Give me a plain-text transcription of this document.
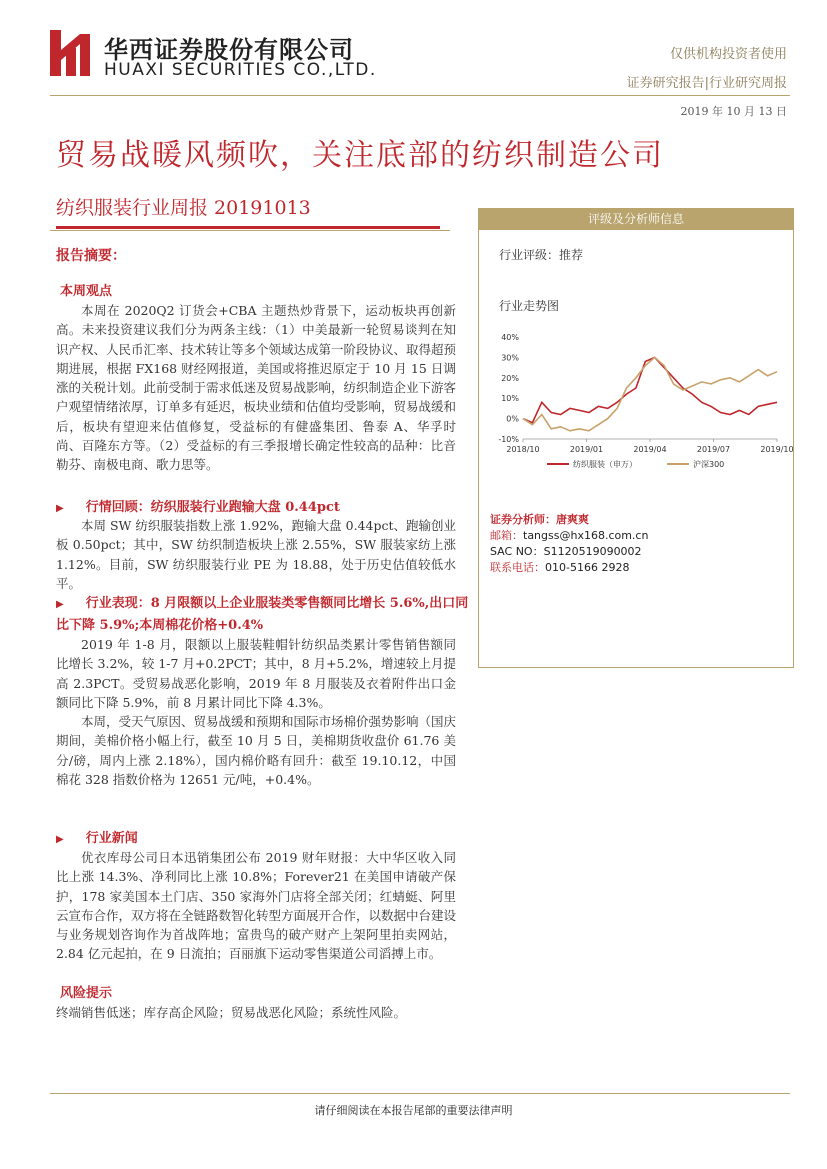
华西证券股份有限公司
HUAXI SECURITIES CO.,LTD.
仅供机构投资者使用
证券研究报告|行业研究周报
2019 年 10 月 13 日
贸易战暖风频吹，关注底部的纺织制造公司
纺织服装行业周报 20191013	评级及分析师信息
行业评级：推荐
行业走势图
40%
30%
20%
10%
0%
-10%
2018/10	2019/01	2019/04	2019/07	2019/10
纺织服装（申万）	沪深300
证券分析师：唐爽爽
邮箱：tangss@hx168.com.cn
SAC NO：S1120519090002
联系电话：010-5166 2928
报告摘要：
本周观点

本周在 2020Q2 订货会+CBA 主题热炒背景下，运动板块再创新高。未来投资建议我们分为两条主线：（1）中美最新一轮贸易谈判在知识产权、人民币汇率、技术转让等多个领域达成第一阶段协议、取得超预期进展，根据 FX168 财经网报道，美国或将推迟原定于 10 月 15 日调涨的关税计划。此前受制于需求低迷及贸易战影响，纺织制造企业下游客户观望情绪浓厚，订单多有延迟，板块业绩和估值均受影响，贸易战缓和后，板块有望迎来估值修复，受益标的有健盛集团、鲁泰 A、华孚时尚、百隆东方等。（2）受益标的有三季报增长确定性较高的品种：比音勒芬、南极电商、歌力思等。

▶ 行情回顾：纺织服装行业跑输大盘 0.44pct

本周 SW 纺织服装指数上涨 1.92%，跑输大盘 0.44pct、跑输创业板 0.50pct；其中，SW 纺织制造板块上涨 2.55%，SW 服装家纺上涨 1.12%。目前，SW 纺织服装行业 PE 为 18.88，处于历史估值较低水平。

▶ 行业表现：8 月限额以上企业服装类零售额同比增长 5.6%,出口同比下降 5.9%;本周棉花价格+0.4%

2019 年 1-8 月，限额以上服装鞋帽针纺织品类累计零售销售额同比增长 3.2%，较 1-7 月+0.2PCT；其中，8 月+5.2%，增速较上月提高 2.3PCT。受贸易战恶化影响，2019 年 8 月服装及衣着附件出口金额同比下降 5.9%，前 8 月累计同比下降 4.3%。

本周，受天气原因、贸易战缓和预期和国际市场棉价强势影响（国庆期间，美棉价格小幅上行，截至 10 月 5 日，美棉期货收盘价 61.76 美分/磅，周内上涨 2.18%），国内棉价略有回升：截至 19.10.12，中国棉花 328 指数价格为 12651 元/吨，+0.4%。

▶ 行业新闻

优衣库母公司日本迅销集团公布 2019 财年财报：大中华区收入同比上涨 14.3%、净利同比上涨 10.8%；Forever21 在美国申请破产保护，178 家美国本土门店、350 家海外门店将全部关闭；红蜻蜓、阿里云宣布合作，双方将在全链路数智化转型方面展开合作，以数据中台建设与业务规划咨询作为首战阵地；富贵鸟的破产财产上架阿里拍卖网站，2.84 亿元起拍，在 9 日流拍；百丽旗下运动零售渠道公司滔搏上市。

风险提示

终端销售低迷；库存高企风险；贸易战恶化风险；系统性风险。

请仔细阅读在本报告尾部的重要法律声明
